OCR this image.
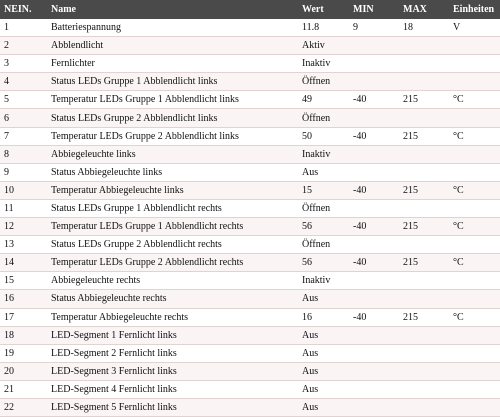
NEIN.	Name	Wert	MIN	MAX	Einheiten
1	Batteriespannung	11.8	9	18	V
2	Abblendlicht	Aktiv			
3	Fernlichter	Inaktiv			
4	Status LEDs Gruppe 1 Abblendlicht links	Öffnen			
5	Temperatur LEDs Gruppe 1 Abblendlicht links	49	-40	215	°C
6	Status LEDs Gruppe 2 Abblendlicht links	Öffnen			
7	Temperatur LEDs Gruppe 2 Abblendlicht links	50	-40	215	°C
8	Abbiegeleuchte links	Inaktiv			
9	Status Abbiegeleuchte links	Aus			
10	Temperatur Abbiegeleuchte links	15	-40	215	°C
11	Status LEDs Gruppe 1 Abblendlicht rechts	Öffnen			
12	Temperatur LEDs Gruppe 1 Abblendlicht rechts	56	-40	215	°C
13	Status LEDs Gruppe 2 Abblendlicht rechts	Öffnen			
14	Temperatur LEDs Gruppe 2 Abblendlicht rechts	56	-40	215	°C
15	Abbiegeleuchte rechts	Inaktiv			
16	Status Abbiegeleuchte rechts	Aus			
17	Temperatur Abbiegeleuchte rechts	16	-40	215	°C
18	LED-Segment 1 Fernlicht links	Aus			
19	LED-Segment 2 Fernlicht links	Aus			
20	LED-Segment 3 Fernlicht links	Aus			
21	LED-Segment 4 Fernlicht links	Aus			
22	LED-Segment 5 Fernlicht links	Aus			
